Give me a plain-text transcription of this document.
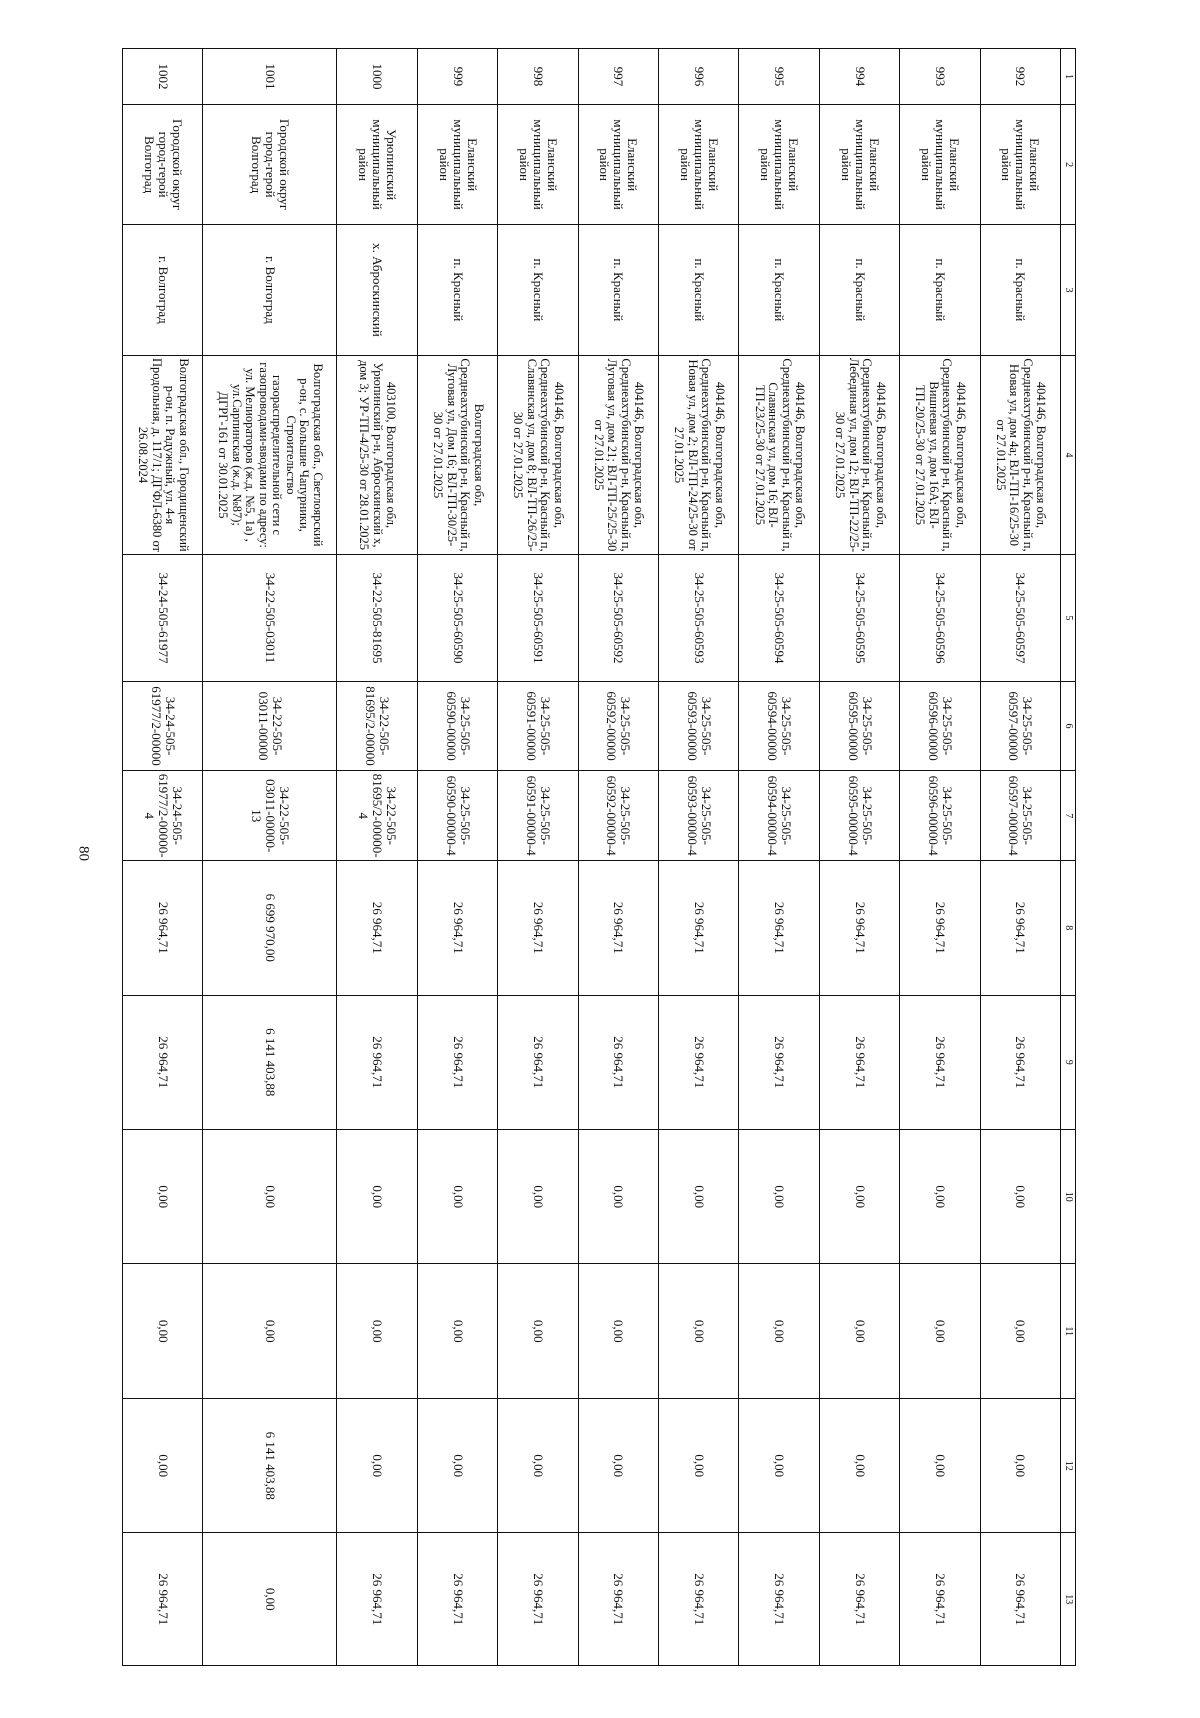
80
1	2	3	4	5	6	7	8	9	10	11	12	13
992	Еланский муниципальный район	п. Красный	404146, Волгоградская обл, Среднеахтубинский р-н, Красный п, Новая ул, дом 4а; ВЛ-ТП-16/25-30 от 27.01.2025	34-25-505-60597	34-25-505-60597-00000	34-25-505-60597-00000-4	26 964,71	26 964,71	0,00	0,00	0,00	26 964,71
993	Еланский муниципальный район	п. Красный	404146, Волгоградская обл, Среднеахтубинский р-н, Красный п, Вишневая ул, дом 16А; ВЛ-ТП-20/25-30 от 27.01.2025	34-25-505-60596	34-25-505-60596-00000	34-25-505-60596-00000-4	26 964,71	26 964,71	0,00	0,00	0,00	26 964,71
994	Еланский муниципальный район	п. Красный	404146, Волгоградская обл, Среднеахтубинский р-н, Красный п, Лебединая ул, дом 12; ВЛ-ТП-22/25-30 от 27.01.2025	34-25-505-60595	34-25-505-60595-00000	34-25-505-60595-00000-4	26 964,71	26 964,71	0,00	0,00	0,00	26 964,71
995	Еланский муниципальный район	п. Красный	404146, Волгоградская обл, Среднеахтубинский р-н, Красный п, Славянская ул, дом 16; ВЛ-ТП-23/25-30 от 27.01.2025	34-25-505-60594	34-25-505-60594-00000	34-25-505-60594-00000-4	26 964,71	26 964,71	0,00	0,00	0,00	26 964,71
996	Еланский муниципальный район	п. Красный	404146, Волгоградская обл, Среднеахтубинский р-н, Красный п, Новая ул, дом 2; ВЛ-ТП-24/25-30 от 27.01.2025	34-25-505-60593	34-25-505-60593-00000	34-25-505-60593-00000-4	26 964,71	26 964,71	0,00	0,00	0,00	26 964,71
997	Еланский муниципальный район	п. Красный	404146, Волгоградская обл, Среднеахтубинский р-н, Красный п, Луговая ул, дом 21; ВЛ-ТП-25/25-30 от 27.01.2025	34-25-505-60592	34-25-505-60592-00000	34-25-505-60592-00000-4	26 964,71	26 964,71	0,00	0,00	0,00	26 964,71
998	Еланский муниципальный район	п. Красный	404146, Волгоградская обл, Среднеахтубинский р-н, Красный п, Славянская ул, дом 8; ВЛ-ТП-26/25-30 от 27.01.2025	34-25-505-60591	34-25-505-60591-00000	34-25-505-60591-00000-4	26 964,71	26 964,71	0,00	0,00	0,00	26 964,71
999	Еланский муниципальный район	п. Красный	Волгоградская обл, Среднеахтубинский р-н, Красный п, Луговая ул, Дом 16; ВЛ-ТП-30/25-30 от 27.01.2025	34-25-505-60590	34-25-505-60590-00000	34-25-505-60590-00000-4	26 964,71	26 964,71	0,00	0,00	0,00	26 964,71
1000	Урюпинский муниципальный район	х. Аброскинский	403100, Волгоградская обл, Урюпинский р-н, Аброскинский х, дом 3; УР-ТП-4/25-30 от 28.01.2025	34-22-505-81695	34-22-505-81695/2-00000	34-22-505-81695/2-00000-4	26 964,71	26 964,71	0,00	0,00	0,00	26 964,71
1001	Городской округ город-герой Волгоград	г. Волгоград	Волгоградская обл., Светлоярский р-он, с. Большие Чапурники, Строительство газораспределительной сети с газопроводами-вводами по адресу: ул. Мелиораторов (ж.д. №5, 1а) , ул.Сарпинская (ж.д. №87); ДГРГ-161 от 30.01.2025	34-22-505-03011	34-22-505-03011-00000	34-22-505-03011-00000-13	6 699 970,00	6 141 403,88	0,00	0,00	6 141 403,88	0,00
1002	Городской округ город-герой Волгоград	г. Волгоград	Волгоградская обл., Городищенский р-он, п. Радужный, ул. 4-я Продольная, д. 117/1; ДГФЛ-6380 от 26.08.2024	34-24-505-61977	34-24-505-61977/2-00000	34-24-505-61977/2-00000-4	26 964,71	26 964,71	0,00	0,00	0,00	26 964,71
